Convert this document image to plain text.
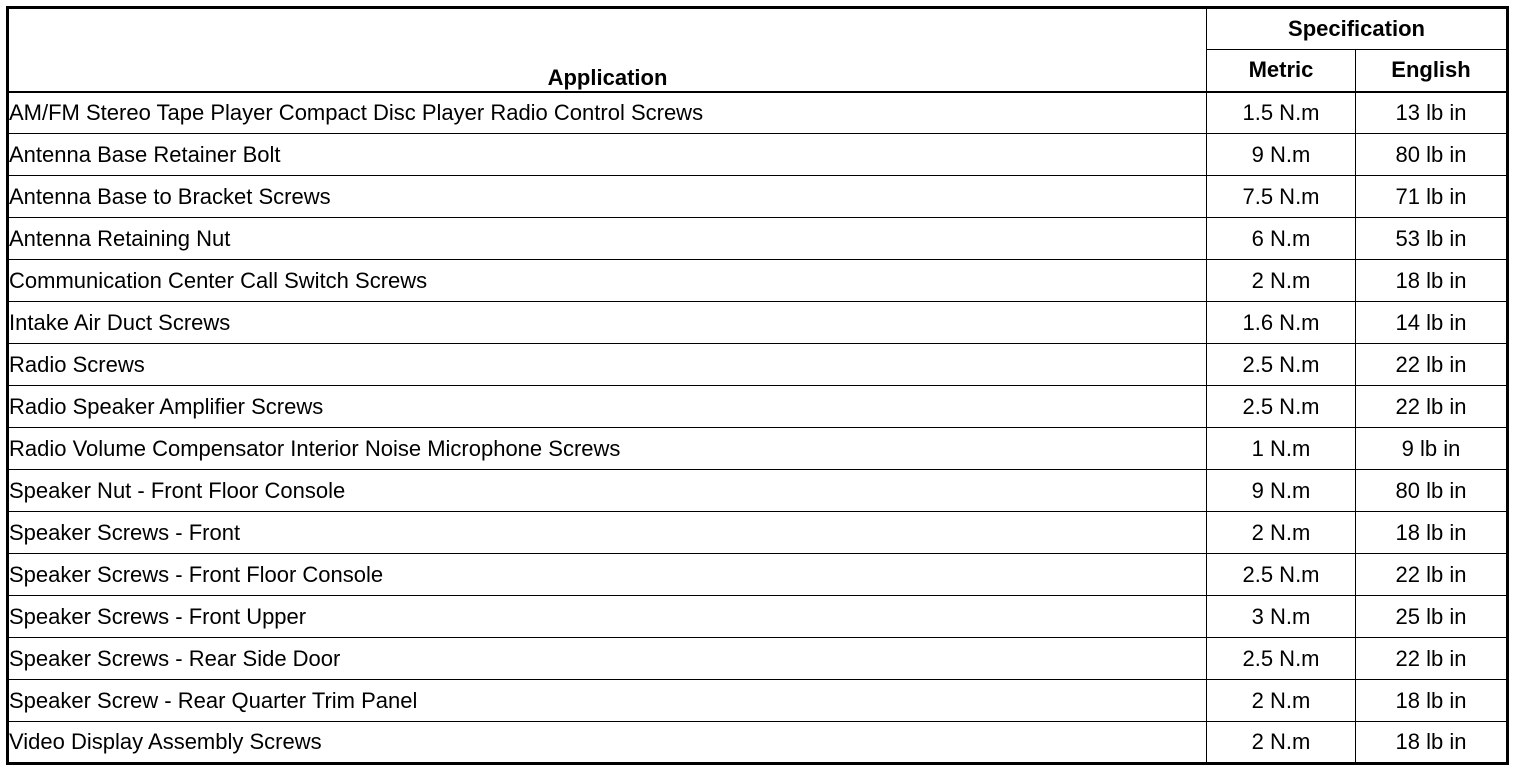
Application	Specification	
	Metric	English
AM/FM Stereo Tape Player Compact Disc Player Radio Control Screws	1.5 N.m	13 lb in
Antenna Base Retainer Bolt	9 N.m	80 lb in
Antenna Base to Bracket Screws	7.5 N.m	71 lb in
Antenna Retaining Nut	6 N.m	53 lb in
Communication Center Call Switch Screws	2 N.m	18 lb in
Intake Air Duct Screws	1.6 N.m	14 lb in
Radio Screws	2.5 N.m	22 lb in
Radio Speaker Amplifier Screws	2.5 N.m	22 lb in
Radio Volume Compensator Interior Noise Microphone Screws	1 N.m	9 lb in
Speaker Nut - Front Floor Console	9 N.m	80 lb in
Speaker Screws - Front	2 N.m	18 lb in
Speaker Screws - Front Floor Console	2.5 N.m	22 lb in
Speaker Screws - Front Upper	3 N.m	25 lb in
Speaker Screws - Rear Side Door	2.5 N.m	22 lb in
Speaker Screw - Rear Quarter Trim Panel	2 N.m	18 lb in
Video Display Assembly Screws	2 N.m	18 lb in
